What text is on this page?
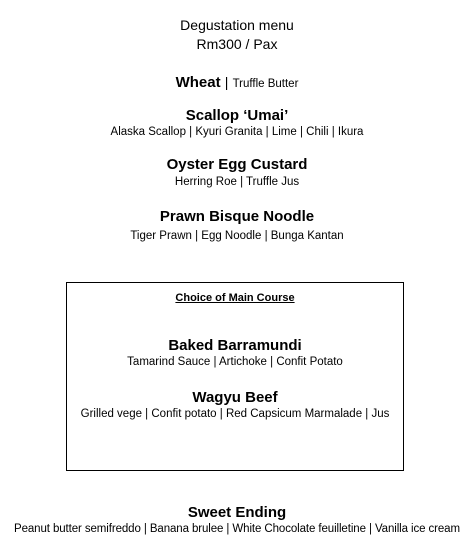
Degustation menu
Rm300 / Pax
Wheat | Truffle Butter
Scallop ‘Umai’
Alaska Scallop | Kyuri Granita | Lime | Chili | Ikura
Oyster Egg Custard
Herring Roe | Truffle Jus
Prawn Bisque Noodle
Tiger Prawn | Egg Noodle | Bunga Kantan
Choice of Main Course
Baked Barramundi
Tamarind Sauce | Artichoke | Confit Potato
Wagyu Beef
Grilled vege | Confit potato | Red Capsicum Marmalade | Jus
Sweet Ending
Peanut butter semifreddo | Banana brulee | White Chocolate feuilletine | Vanilla ice cream
